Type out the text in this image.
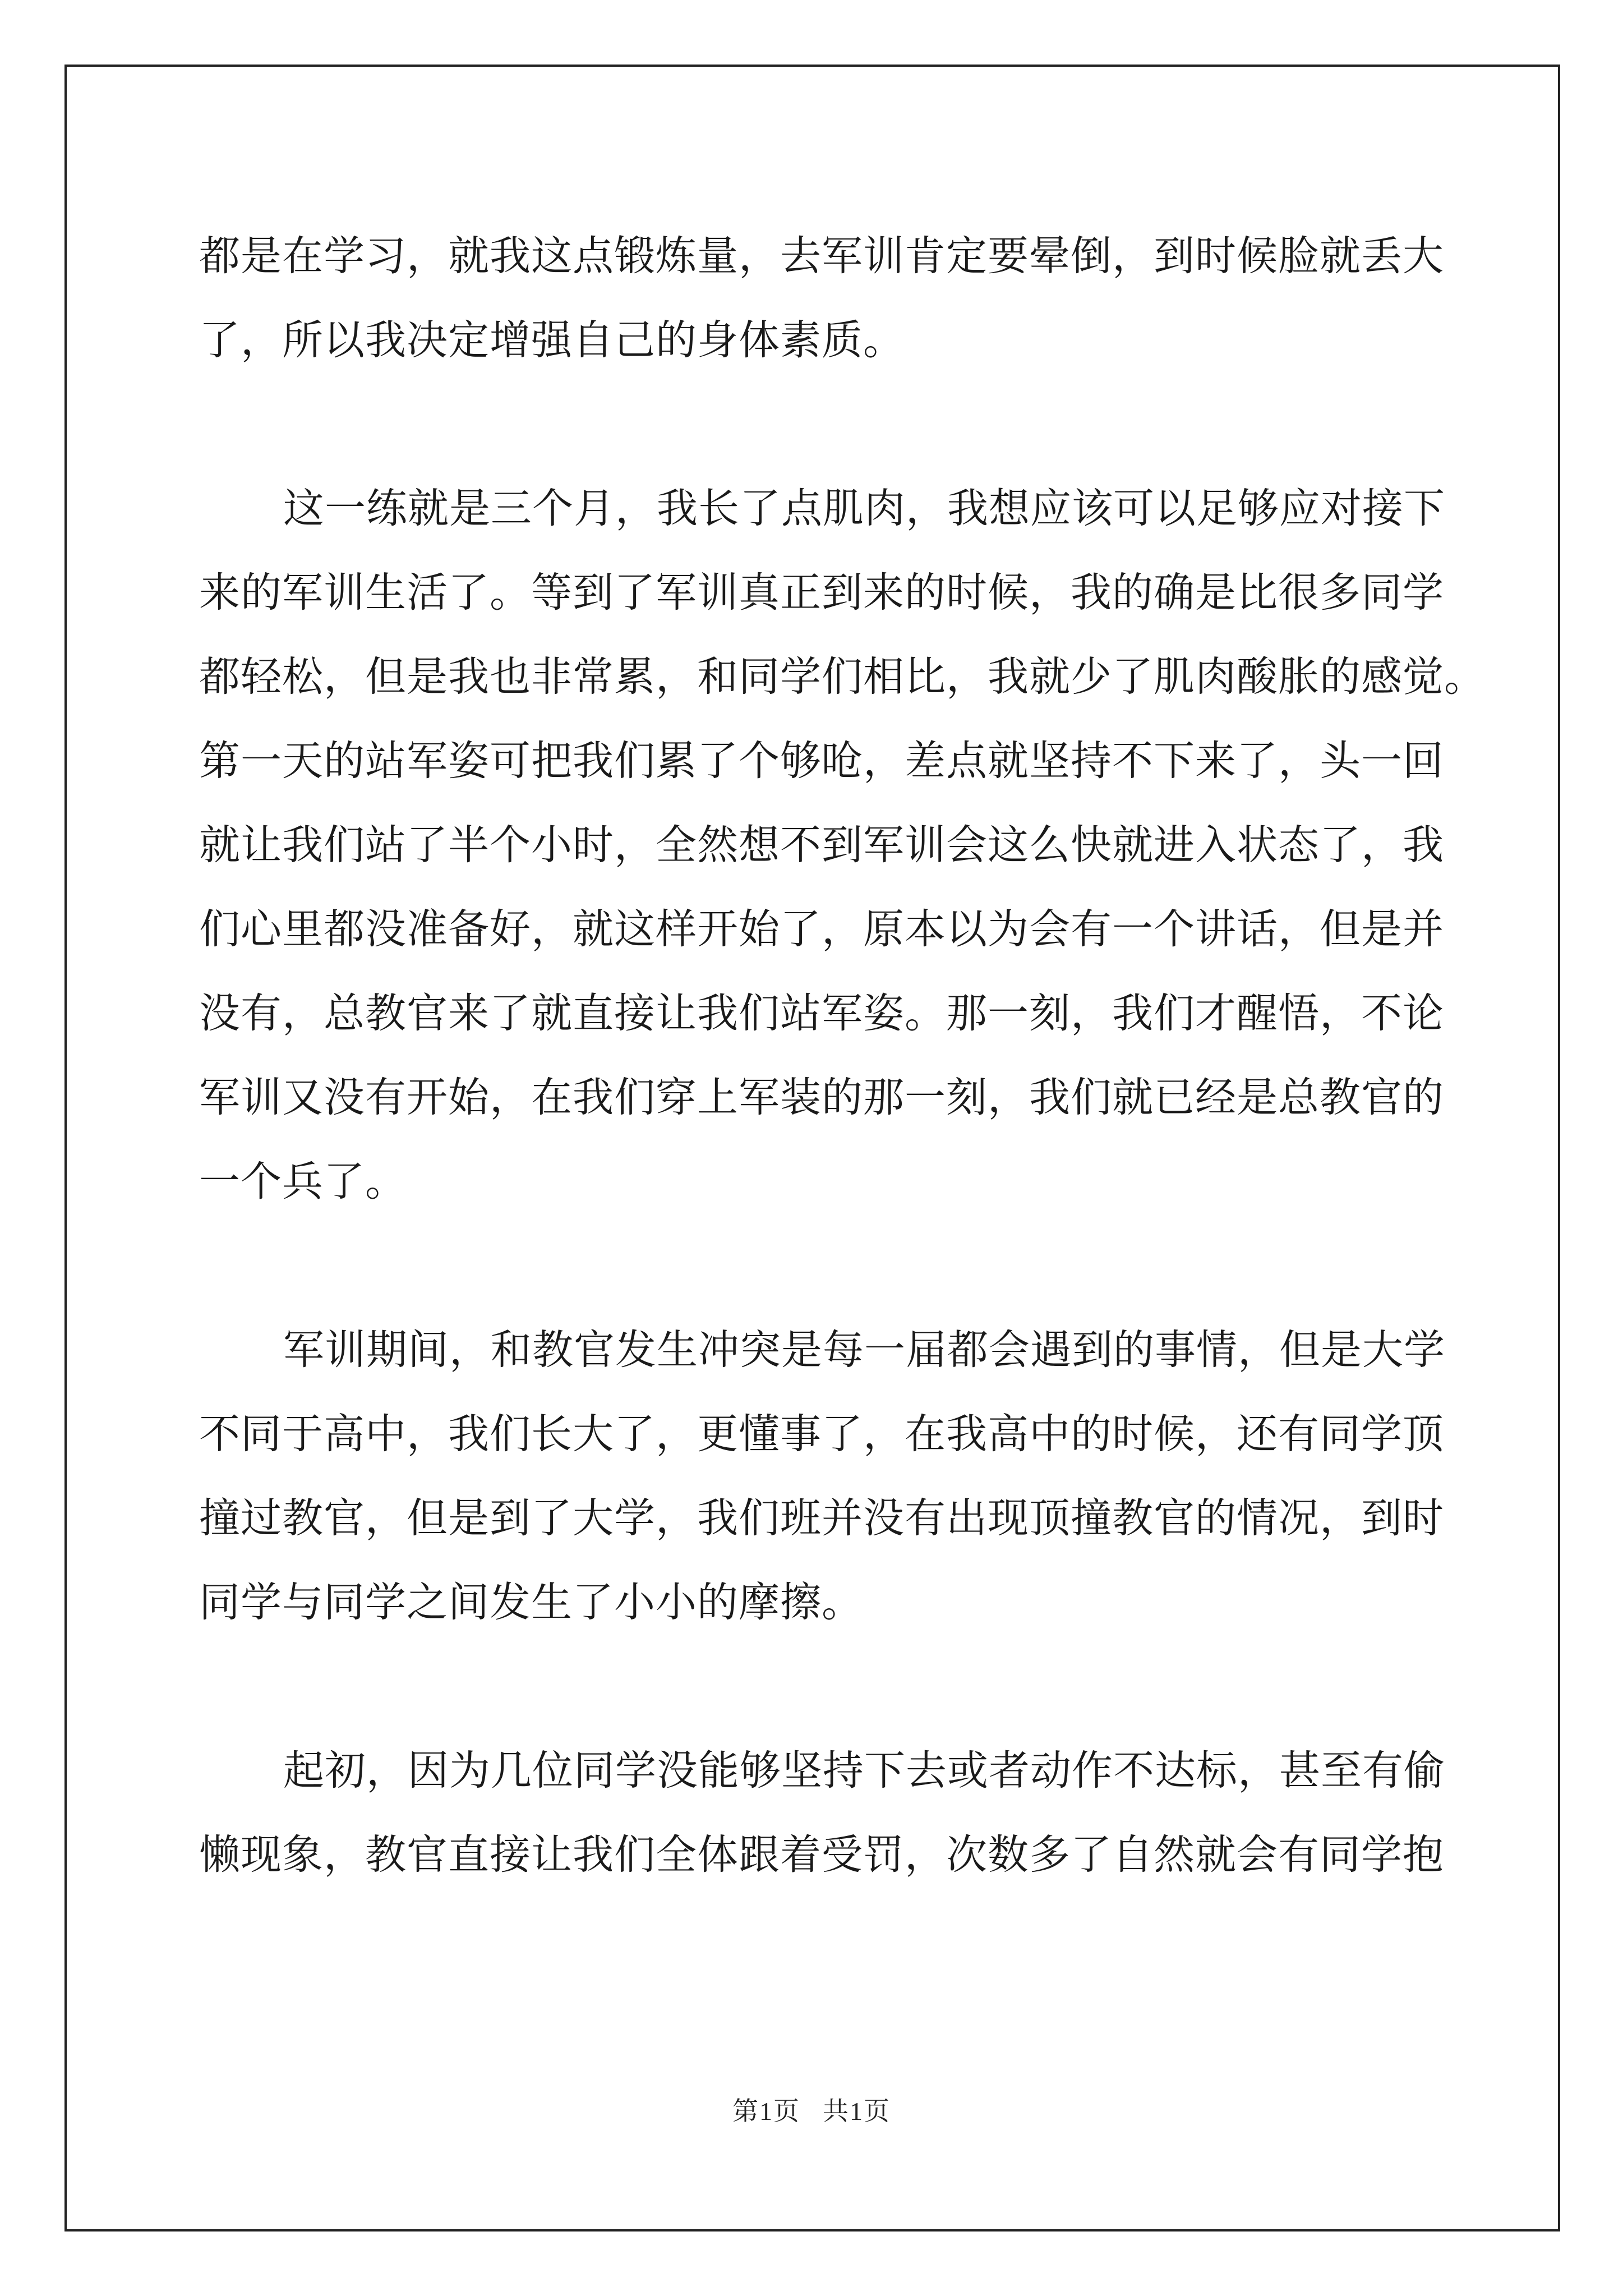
都是在学习，就我这点锻炼量，去军训肯定要晕倒，到时候脸就丢大
了，所以我决定增强自己的身体素质。
这一练就是三个月，我长了点肌肉，我想应该可以足够应对接下
来的军训生活了。等到了军训真正到来的时候，我的确是比很多同学
都轻松，但是我也非常累，和同学们相比，我就少了肌肉酸胀的感觉。
第一天的站军姿可把我们累了个够呛，差点就坚持不下来了，头一回
就让我们站了半个小时，全然想不到军训会这么快就进入状态了，我
们心里都没准备好，就这样开始了，原本以为会有一个讲话，但是并
没有，总教官来了就直接让我们站军姿。那一刻，我们才醒悟，不论
军训又没有开始，在我们穿上军装的那一刻，我们就已经是总教官的
一个兵了。
军训期间，和教官发生冲突是每一届都会遇到的事情，但是大学
不同于高中，我们长大了，更懂事了，在我高中的时候，还有同学顶
撞过教官，但是到了大学，我们班并没有出现顶撞教官的情况，到时
同学与同学之间发生了小小的摩擦。
起初，因为几位同学没能够坚持下去或者动作不达标，甚至有偷
懒现象，教官直接让我们全体跟着受罚，次数多了自然就会有同学抱
第1页 共1页
